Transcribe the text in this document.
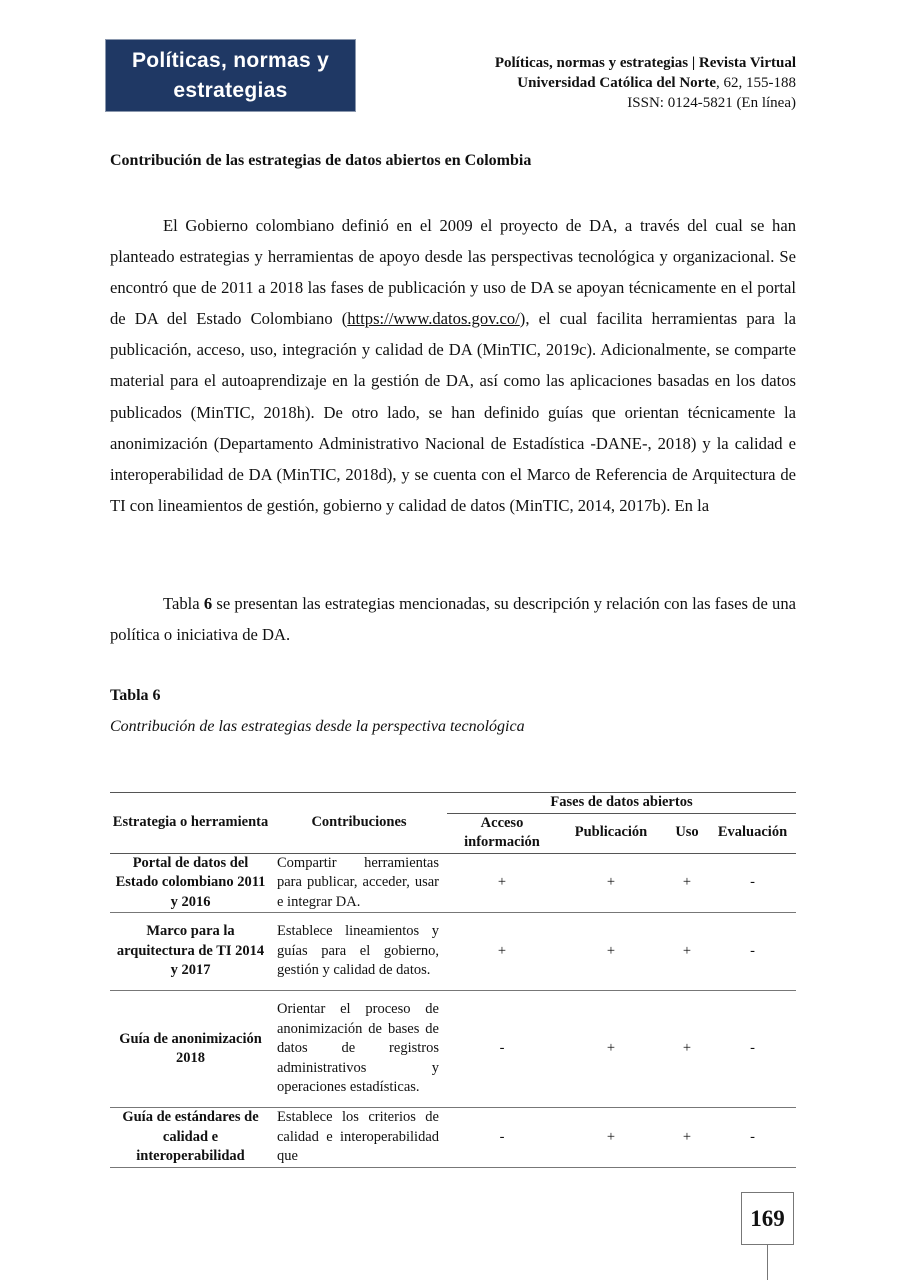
Políticas, normas y
estrategias
Políticas, normas y estrategias | Revista Virtual
Universidad Católica del Norte, 62, 155-188
ISSN: 0124-5821 (En línea)
Contribución de las estrategias de datos abiertos en Colombia

El Gobierno colombiano definió en el 2009 el proyecto de DA, a través del cual se han planteado estrategias y herramientas de apoyo desde las perspectivas tecnológica y organizacional. Se encontró que de 2011 a 2018 las fases de publicación y uso de DA se apoyan técnicamente en el portal de DA del Estado Colombiano (https://www.datos.gov.co/), el cual facilita herramientas para la publicación, acceso, uso, integración y calidad de DA (MinTIC, 2019c). Adicionalmente, se comparte material para el autoaprendizaje en la gestión de DA, así como las aplicaciones basadas en los datos publicados (MinTIC, 2018h). De otro lado, se han definido guías que orientan técnicamente la anonimización (Departamento Administrativo Nacional de Estadística -DANE-, 2018) y la calidad e interoperabilidad de DA (MinTIC, 2018d), y se cuenta con el Marco de Referencia de Arquitectura de TI con lineamientos de gestión, gobierno y calidad de datos (MinTIC, 2014, 2017b). En la

Tabla 6 se presentan las estrategias mencionadas, su descripción y relación con las fases de una política o iniciativa de DA.

Tabla 6
Contribución de las estrategias desde la perspectiva tecnológica
Estrategia o herramienta	Contribuciones	Fases de datos abiertos			
		Acceso información	Publicación	Uso	Evaluación
Portal de datos del Estado colombiano 2011 y 2016	Compartir herramientas para publicar, acceder, usar e integrar DA.	+	+	+	-
Marco para la arquitectura de TI 2014 y 2017	Establece lineamientos y guías para el gobierno, gestión y calidad de datos.	+	+	+	-
Guía de anonimización 2018	Orientar el proceso de anonimización de bases de datos de registros administrativos y operaciones estadísticas.	-	+	+	-
Guía de estándares de calidad e interoperabilidad	Establece los criterios de calidad e interoperabilidad que	-	+	+	-
169
